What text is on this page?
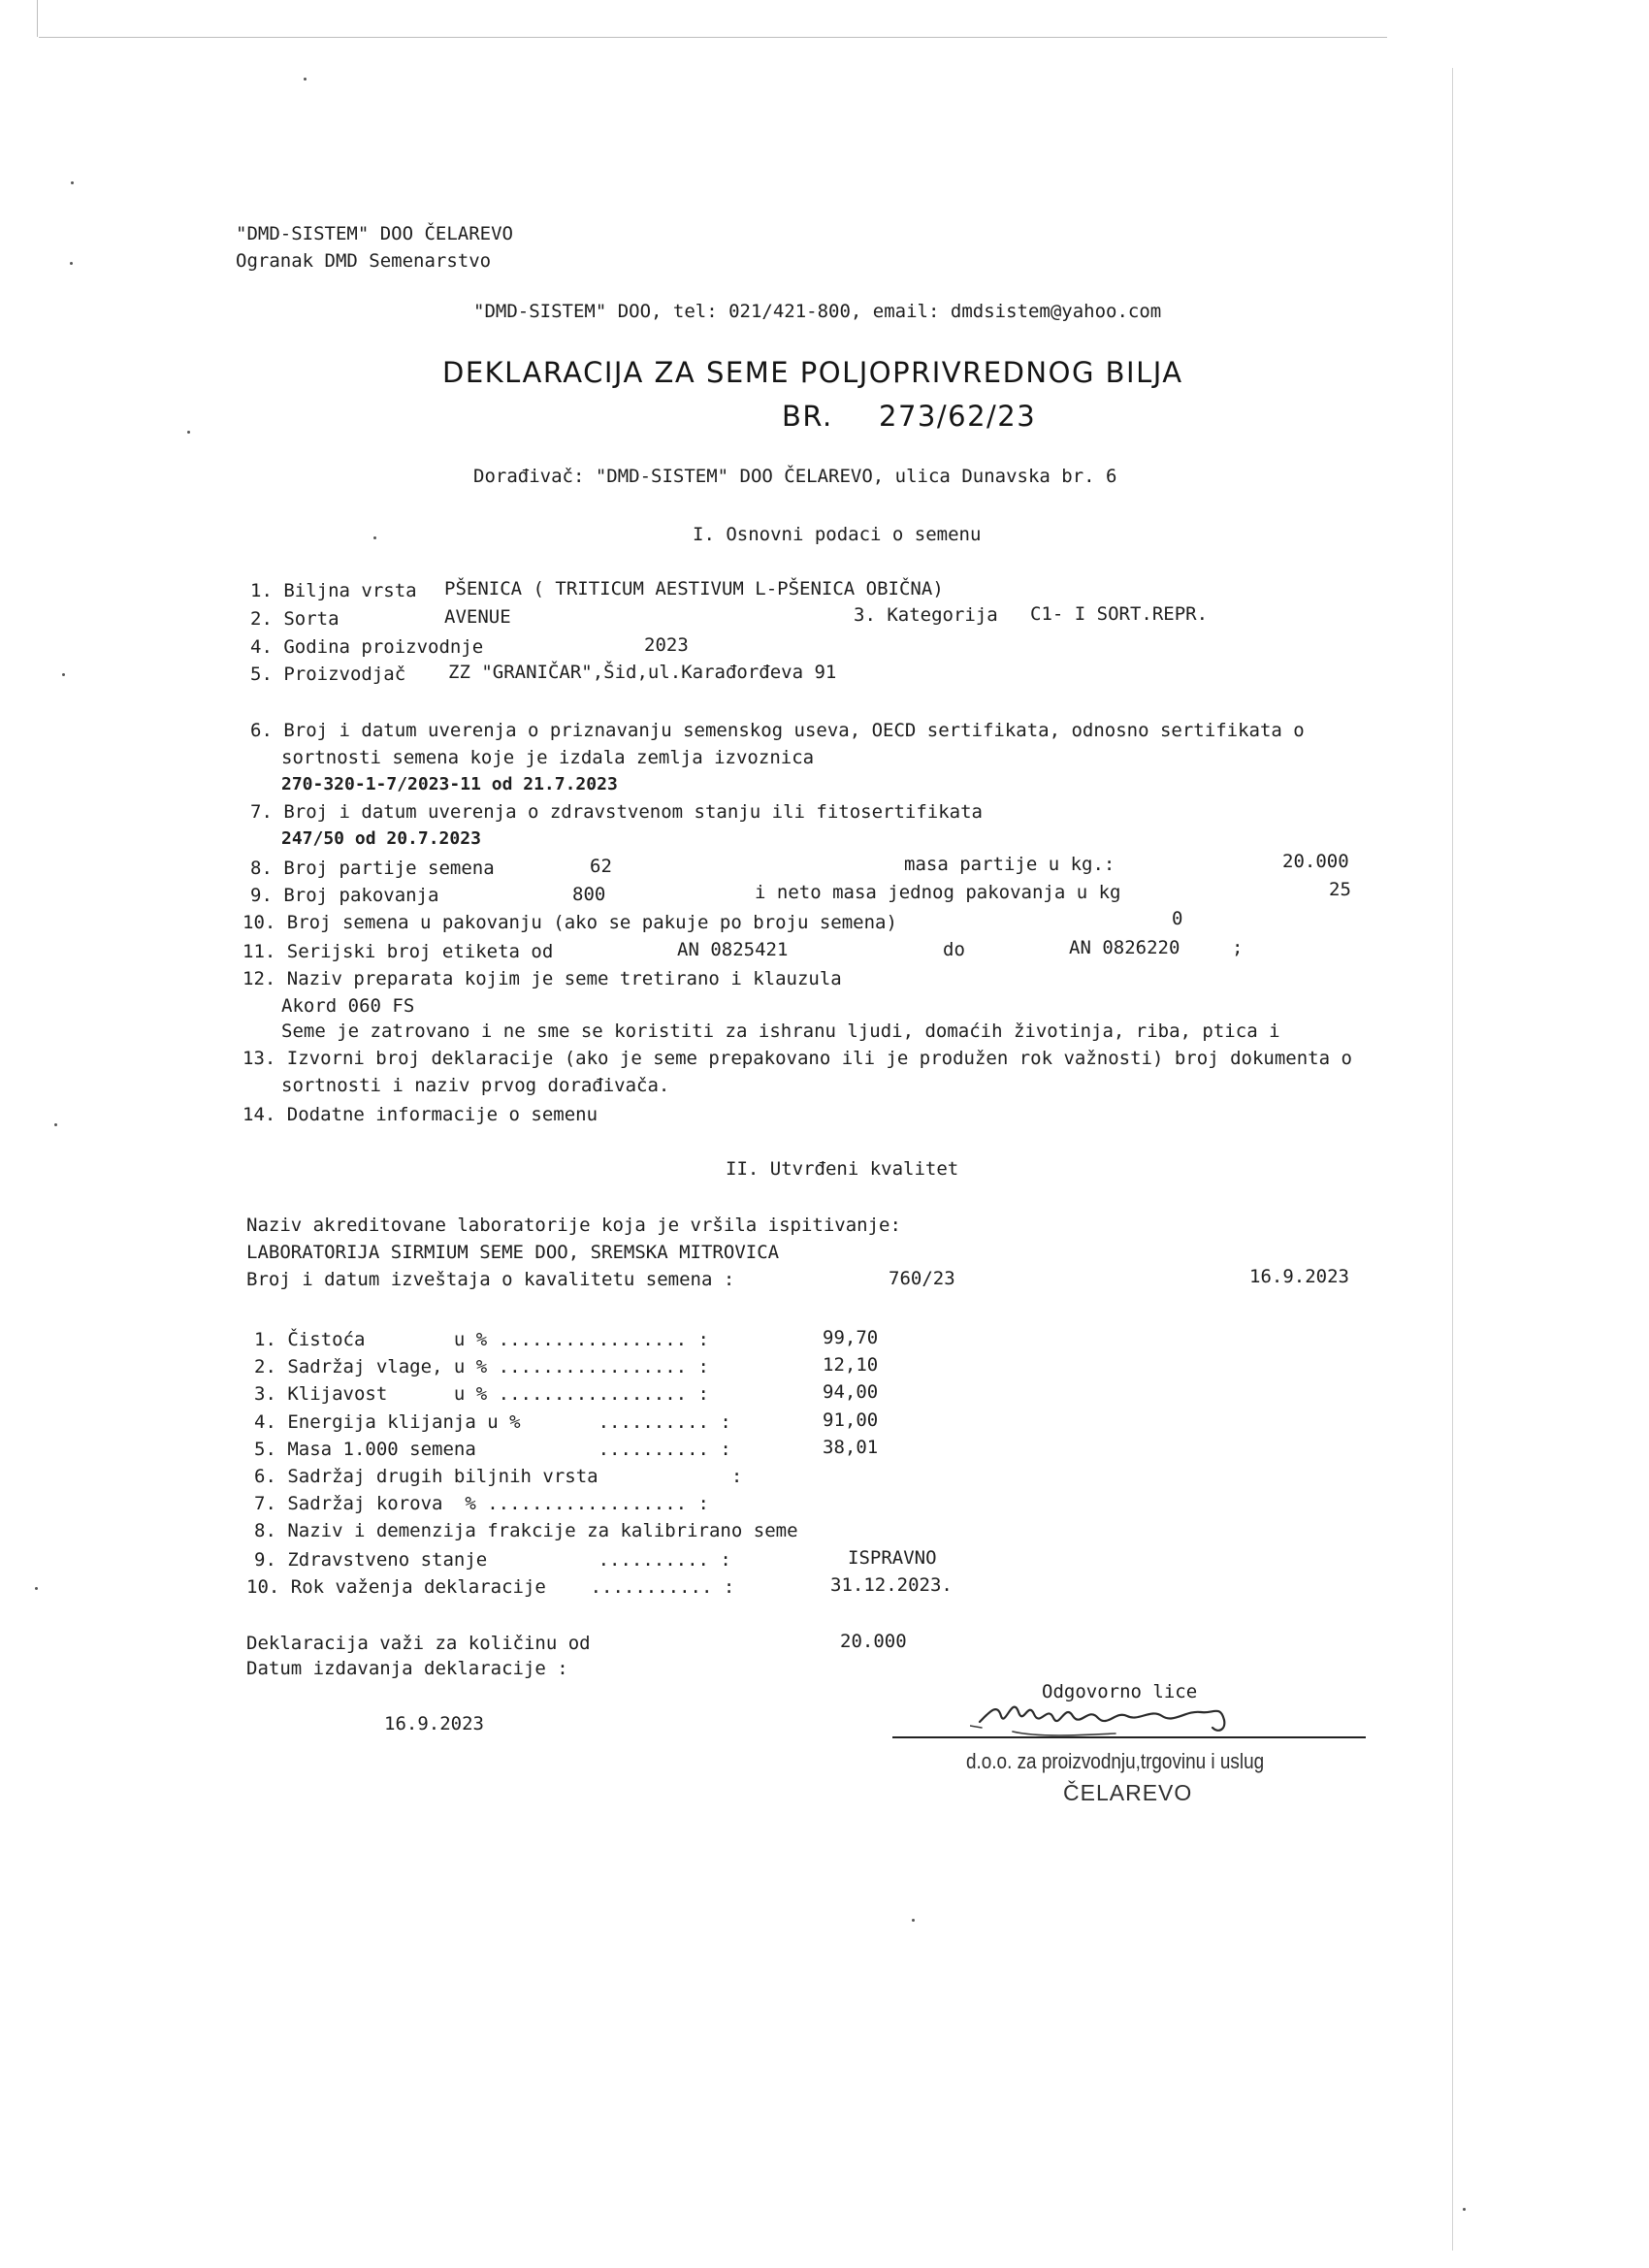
"DMD-SISTEM" DOO ČELAREVO
Ogranak DMD Semenarstvo
"DMD-SISTEM" DOO, tel: 021/421-800, email: dmdsistem@yahoo.com
DEKLARACIJA ZA SEME POLJOPRIVREDNOG BILJA
BR. 273/62/23
Dorađivač: "DMD-SISTEM" DOO ČELAREVO, ulica Dunavska br. 6
I. Osnovni podaci o semenu
1. Biljna vrsta PŠENICA ( TRITICUM AESTIVUM L-PŠENICA OBIČNA)
2. Sorta	AVENUE	3. Kategorija C1- I SORT.REPR.
4. Godina proizvodnje	2023
5. Proizvodjač ZZ "GRANIČAR",Šid,ul.Karađorđeva 91
6. Broj i datum uverenja o priznavanju semenskog useva, OECD sertifikata, odnosno sertifikata o
sortnosti semena koje je izdala zemlja izvoznica
270-320-1-7/2023-11 od 21.7.2023
7. Broj i datum uverenja o zdravstvenom stanju ili fitosertifikata
247/50 od 20.7.2023
8. Broj partije semena	62	masa partije u kg.:	20.000
9. Broj pakovanja	800	i neto masa jednog pakovanja u kg	25
10. Broj semena u pakovanju (ako se pakuje po broju semena)	0
11. Serijski broj etiketa od	AN 0825421	do	AN 0826220	;
12. Naziv preparata kojim je seme tretirano i klauzula
Akord 060 FS
Seme je zatrovano i ne sme se koristiti za ishranu ljudi, domaćih životinja, riba, ptica i
13. Izvorni broj deklaracije (ako je seme prepakovano ili je produžen rok važnosti) broj dokumenta o
sortnosti i naziv prvog dorađivača.
14. Dodatne informacije o semenu
II. Utvrđeni kvalitet
Naziv akreditovane laboratorije koja je vršila ispitivanje:
LABORATORIJA SIRMIUM SEME DOO, SREMSKA MITROVICA
Broj i datum izveštaja o kavalitetu semena :	760/23	16.9.2023
1. Čistoća        u % ................. :	99,70
2. Sadržaj vlage, u % ................. :	12,10
3. Klijavost      u % ................. :	94,00
4. Energija klijanja u %       .......... :	91,00
5. Masa 1.000 semena           .......... :	38,01
6. Sadržaj drugih biljnih vrsta            :
7. Sadržaj korova  % .................. :
8. Naziv i demenzija frakcije za kalibrirano seme
9. Zdravstveno stanje          .......... :	ISPRAVNO
10. Rok važenja deklaracije    ........... :	31.12.2023.
Deklaracija važi za količinu od	20.000
Datum izdavanja deklaracije :
16.9.2023
Odgovorno lice
d.o.o. za proizvodnju,trgovinu i uslug
ČELAREVO
